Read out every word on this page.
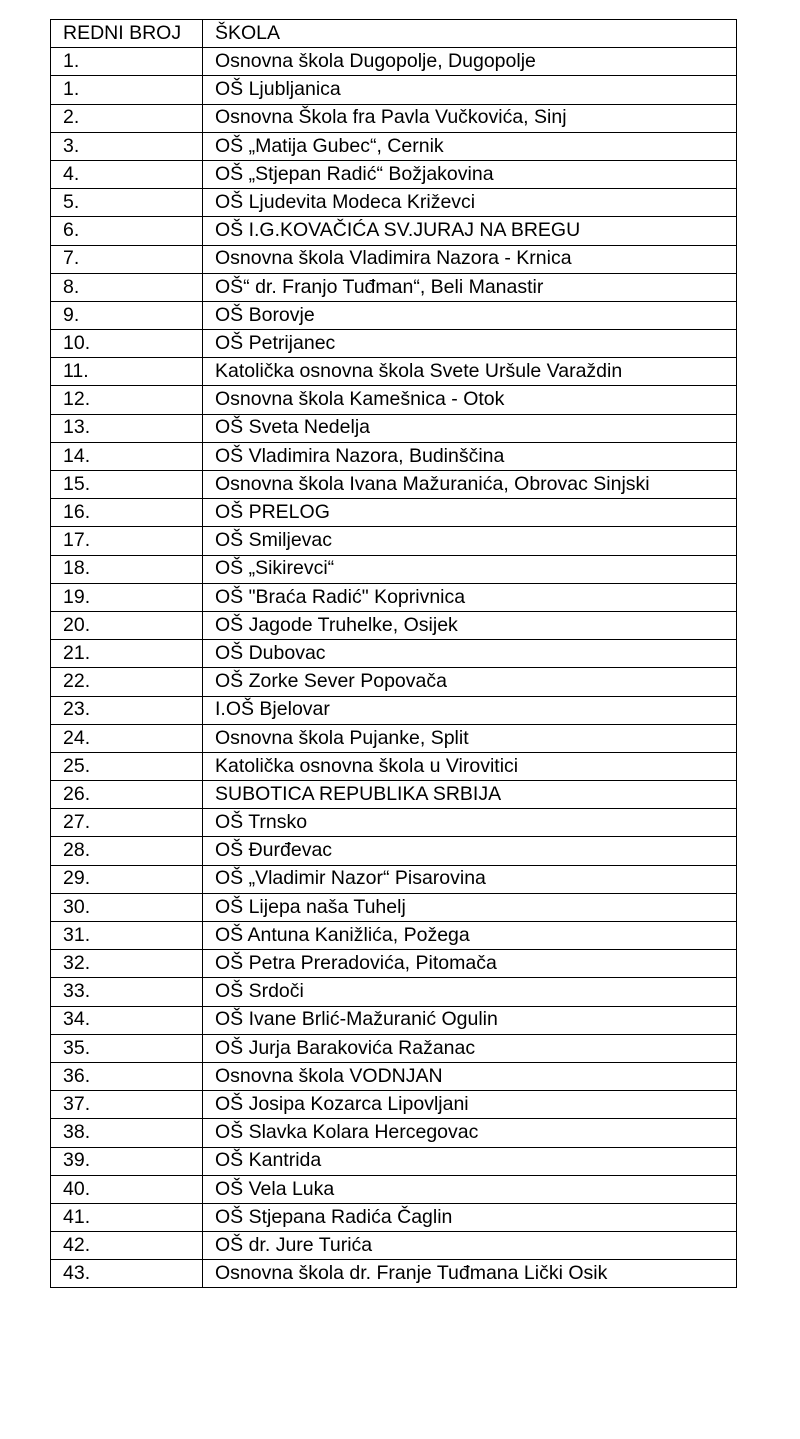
REDNI BROJ	ŠKOLA
1.	Osnovna škola Dugopolje, Dugopolje
1.	OŠ Ljubljanica
2.	Osnovna Škola fra Pavla Vučkovića, Sinj
3.	OŠ „Matija Gubec“, Cernik
4.	OŠ „Stjepan Radić“ Božjakovina
5.	OŠ Ljudevita Modeca Križevci
6.	OŠ I.G.KOVAČIĆA SV.JURAJ NA BREGU
7.	Osnovna škola Vladimira Nazora - Krnica
8.	OŠ“ dr. Franjo Tuđman“, Beli Manastir
9.	OŠ Borovje
10.	OŠ Petrijanec
11.	Katolička osnovna škola Svete Uršule Varaždin
12.	Osnovna škola Kamešnica - Otok
13.	OŠ Sveta Nedelja
14.	OŠ Vladimira Nazora, Budinščina
15.	Osnovna škola Ivana Mažuranića, Obrovac Sinjski
16.	OŠ PRELOG
17.	OŠ Smiljevac
18.	OŠ „Sikirevci“
19.	OŠ "Braća Radić" Koprivnica
20.	OŠ Jagode Truhelke, Osijek
21.	OŠ Dubovac
22.	OŠ Zorke Sever Popovača
23.	I.OŠ Bjelovar
24.	Osnovna škola Pujanke, Split
25.	Katolička osnovna škola u Virovitici
26.	SUBOTICA REPUBLIKA SRBIJA
27.	OŠ Trnsko
28.	OŠ Đurđevac
29.	OŠ „Vladimir Nazor“ Pisarovina
30.	OŠ Lijepa naša Tuhelj
31.	OŠ Antuna Kanižlića, Požega
32.	OŠ Petra Preradovića, Pitomača
33.	OŠ Srdoči
34.	OŠ Ivane Brlić-Mažuranić Ogulin
35.	OŠ Jurja Barakovića Ražanac
36.	Osnovna škola VODNJAN
37.	OŠ Josipa Kozarca Lipovljani
38.	OŠ Slavka Kolara Hercegovac
39.	OŠ Kantrida
40.	OŠ Vela Luka
41.	OŠ Stjepana Radića Čaglin
42.	OŠ dr. Jure Turića
43.	Osnovna škola dr. Franje Tuđmana Lički Osik
